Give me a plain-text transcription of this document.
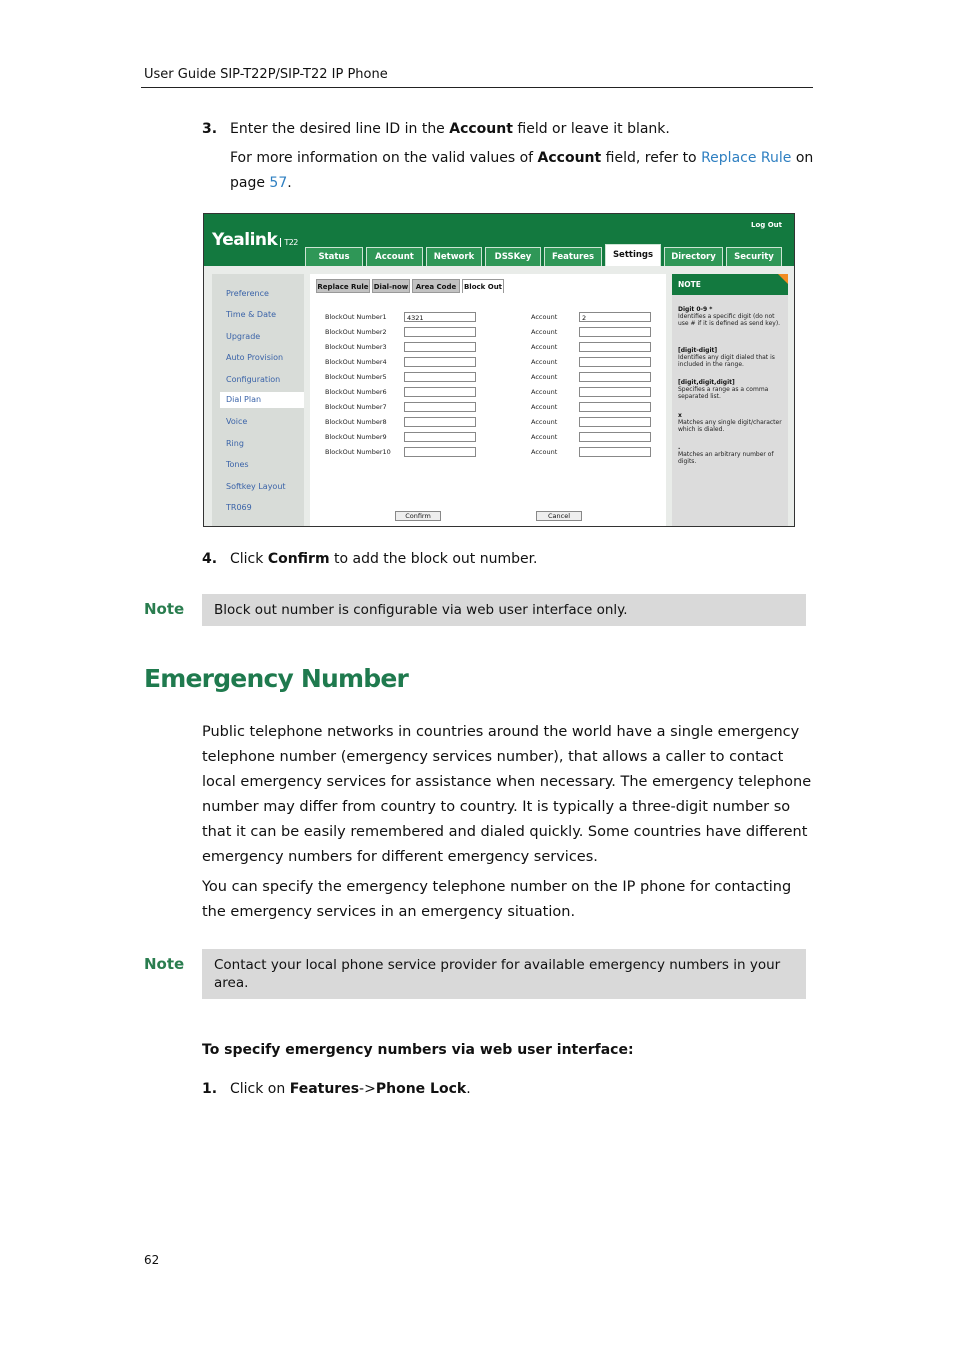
User Guide SIP-T22P/SIP-T22 IP Phone
3. Enter the desired line ID in the Account field or leave it blank.
For more information on the valid values of Account field, refer to Replace Rule on
page 57.
Yealink T22
Log Out
Status	Account	Network	DSSKey	Features	Settings	Directory	Security
Preference
Time & Date
Upgrade
Auto Provision
Configuration
Dial Plan
Voice
Ring
Tones
Softkey Layout
TR069
Replace Rule Dial-now	Area Code	Block Out
BlockOut Number1	4321	Account	2
BlockOut Number2	Account
BlockOut Number3	Account
BlockOut Number4	Account
BlockOut Number5	Account
BlockOut Number6	Account
BlockOut Number7	Account
BlockOut Number8	Account
BlockOut Number9	Account
BlockOut Number10	Account
Confirm	Cancel
NOTE
Digit 0-9 *
Identifies a specific digit (do not use # if it is defined as send key).
[digit-digit]
Identifies any digit dialed that is included in the range.
[digit,digit,digit]
Specifies a range as a comma separated list.
x
Matches any single digit/character which is dialed.
.
Matches an arbitrary number of digits.
4. Click Confirm to add the block out number.
Note	Block out number is configurable via web user interface only.
Emergency Number
Public telephone networks in countries around the world have a single emergency telephone number (emergency services number), that allows a caller to contact local emergency services for assistance when necessary. The emergency telephone number may differ from country to country. It is typically a three-digit number so that it can be easily remembered and dialed quickly. Some countries have different emergency numbers for different emergency services.
You can specify the emergency telephone number on the IP phone for contacting the emergency services in an emergency situation.
Note	Contact your local phone service provider for available emergency numbers in your area.
To specify emergency numbers via web user interface:
1. Click on Features->Phone Lock.
62
